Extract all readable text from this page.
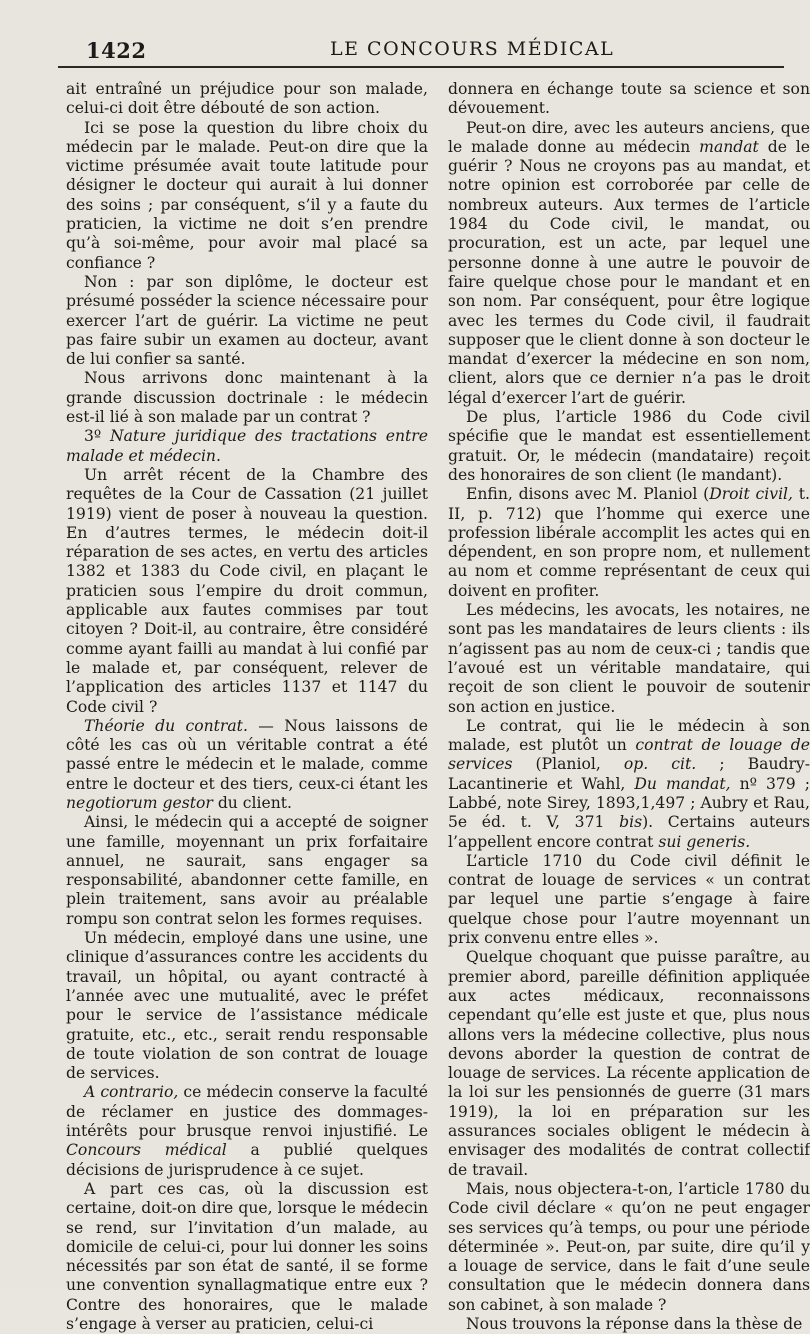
1422	LE CONCOURS MÉDICAL

ait entraîné un préjudice pour son malade, celui-ci doit être débouté de son action.

Ici se pose la question du libre choix du médecin par le malade. Peut-on dire que la victime présumée avait toute latitude pour désigner le docteur qui aurait à lui donner des soins ; par conséquent, s’il y a faute du praticien, la victime ne doit s’en prendre qu’à soi-même, pour avoir mal placé sa confiance ?

Non : par son diplôme, le docteur est présumé posséder la science nécessaire pour exercer l’art de guérir. La victime ne peut pas faire subir un examen au docteur, avant de lui confier sa santé.

Nous arrivons donc maintenant à la grande discussion doctrinale : le médecin est-il lié à son malade par un contrat ?

3º Nature juridique des tractations entre malade et médecin.

Un arrêt récent de la Chambre des requêtes de la Cour de Cassation (21 juillet 1919) vient de poser à nouveau la question. En d’autres termes, le médecin doit-il réparation de ses actes, en vertu des articles 1382 et 1383 du Code civil, en plaçant le praticien sous l’empire du droit commun, applicable aux fautes commises par tout citoyen ? Doit-il, au contraire, être considéré comme ayant failli au mandat à lui confié par le malade et, par conséquent, relever de l’application des articles 1137 et 1147 du Code civil ?

Théorie du contrat. — Nous laissons de côté les cas où un véritable contrat a été passé entre le médecin et le malade, comme entre le docteur et des tiers, ceux-ci étant les negotiorum gestor du client.

Ainsi, le médecin qui a accepté de soigner une famille, moyennant un prix forfaitaire annuel, ne saurait, sans engager sa responsabilité, abandonner cette famille, en plein traitement, sans avoir au préalable rompu son contrat selon les formes requises.

Un médecin, employé dans une usine, une clinique d’assurances contre les accidents du travail, un hôpital, ou ayant contracté à l’année avec une mutualité, avec le préfet pour le service de l’assistance médicale gratuite, etc., etc., serait rendu responsable de toute violation de son contrat de louage de services.

A contrario, ce médecin conserve la faculté de réclamer en justice des dommages-intérêts pour brusque renvoi injustifié. Le Concours médical a publié quelques décisions de jurisprudence à ce sujet.

A part ces cas, où la discussion est certaine, doit-on dire que, lorsque le médecin se rend, sur l’invitation d’un malade, au domicile de celui-ci, pour lui donner les soins nécessités par son état de santé, il se forme une convention synallagmatique entre eux ? Contre des honoraires, que le malade s’engage à verser au praticien, celui-ci

donnera en échange toute sa science et son dévouement.

Peut-on dire, avec les auteurs anciens, que le malade donne au médecin mandat de le guérir ? Nous ne croyons pas au mandat, et notre opinion est corroborée par celle de nombreux auteurs. Aux termes de l’article 1984 du Code civil, le mandat, ou procuration, est un acte, par lequel une personne donne à une autre le pouvoir de faire quelque chose pour le mandant et en son nom. Par conséquent, pour être logique avec les termes du Code civil, il faudrait supposer que le client donne à son docteur le mandat d’exercer la médecine en son nom, client, alors que ce dernier n’a pas le droit légal d’exercer l’art de guérir.

De plus, l’article 1986 du Code civil spécifie que le mandat est essentiellement gratuit. Or, le médecin (mandataire) reçoit des honoraires de son client (le mandant).

Enfin, disons avec M. Planiol (Droit civil, t. II, p. 712) que l’homme qui exerce une profession libérale accomplit les actes qui en dépendent, en son propre nom, et nullement au nom et comme représentant de ceux qui doivent en profiter.

Les médecins, les avocats, les notaires, ne sont pas les mandataires de leurs clients : ils n’agissent pas au nom de ceux-ci ; tandis que l’avoué est un véritable mandataire, qui reçoit de son client le pouvoir de soutenir son action en justice.

Le contrat, qui lie le médecin à son malade, est plutôt un contrat de louage de services (Planiol, op. cit. ; Baudry-Lacantinerie et Wahl, Du mandat, nº 379 ; Labbé, note Sirey, 1893,1,497 ; Aubry et Rau, 5e éd. t. V, 371 bis). Certains auteurs l’appellent encore contrat sui generis.

L’article 1710 du Code civil définit le contrat de louage de services « un contrat par lequel une partie s’engage à faire quelque chose pour l’autre moyennant un prix convenu entre elles ».

Quelque choquant que puisse paraître, au premier abord, pareille définition appliquée aux actes médicaux, reconnaissons cependant qu’elle est juste et que, plus nous allons vers la médecine collective, plus nous devons aborder la question de contrat de louage de services. La récente application de la loi sur les pensionnés de guerre (31 mars 1919), la loi en préparation sur les assurances sociales obligent le médecin à envisager des modalités de contrat collectif de travail.

Mais, nous objectera-t-on, l’article 1780 du Code civil déclare « qu’on ne peut engager ses services qu’à temps, ou pour une période déterminée ». Peut-on, par suite, dire qu’il y a louage de service, dans le fait d’une seule consultation que le médecin donnera dans son cabinet, à son malade ?

Nous trouvons la réponse dans la thèse de
